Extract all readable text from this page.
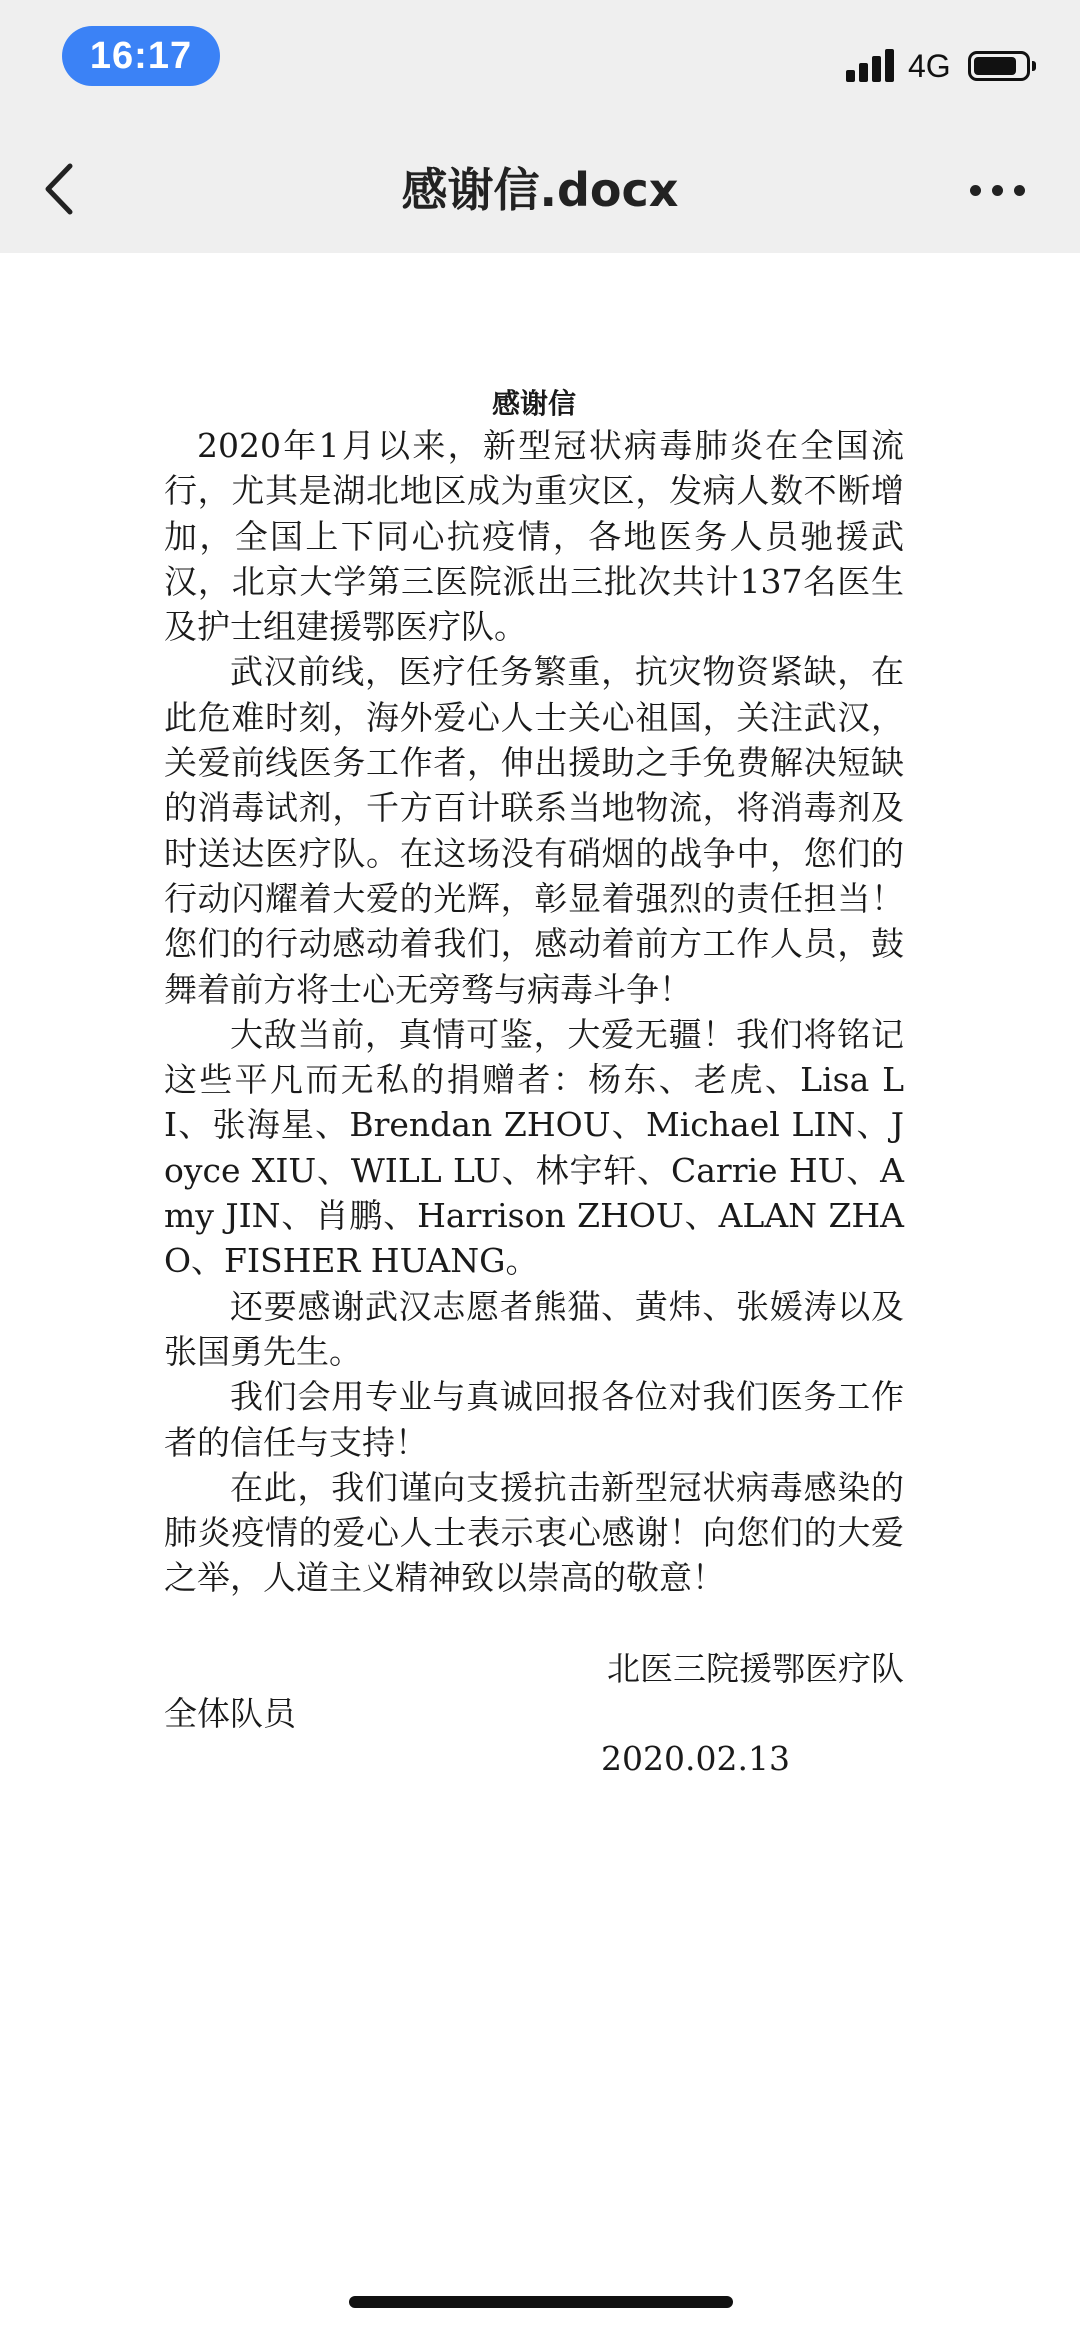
16:17	4G
感谢信.docx
感谢信

2020年1月以来，新型冠状病毒肺炎在全国流行，尤其是湖北地区成为重灾区，发病人数不断增加，全国上下同心抗疫情，各地医务人员驰援武汉，北京大学第三医院派出三批次共计137名医生及护士组建援鄂医疗队。

武汉前线，医疗任务繁重，抗灾物资紧缺，在此危难时刻，海外爱心人士关心祖国，关注武汉，关爱前线医务工作者，伸出援助之手免费解决短缺的消毒试剂，千方百计联系当地物流，将消毒剂及时送达医疗队。在这场没有硝烟的战争中，您们的行动闪耀着大爱的光辉，彰显着强烈的责任担当！您们的行动感动着我们，感动着前方工作人员，鼓舞着前方将士心无旁骛与病毒斗争！

大敌当前，真情可鉴，大爱无疆！我们将铭记这些平凡而无私的捐赠者：杨东、老虎、Lisa LI、张海星、Brendan ZHOU、Michael LIN、Joyce XIU、WILL LU、林宇轩、Carrie HU、Amy JIN、肖鹏、Harrison ZHOU、ALAN ZHAO、FISHER HUANG。

还要感谢武汉志愿者熊猫、黄炜、张媛涛以及张国勇先生。

我们会用专业与真诚回报各位对我们医务工作者的信任与支持！

在此，我们谨向支援抗击新型冠状病毒感染的肺炎疫情的爱心人士表示衷心感谢！向您们的大爱之举，人道主义精神致以崇高的敬意！

北医三院援鄂医疗队

全体队员

2020.02.13
